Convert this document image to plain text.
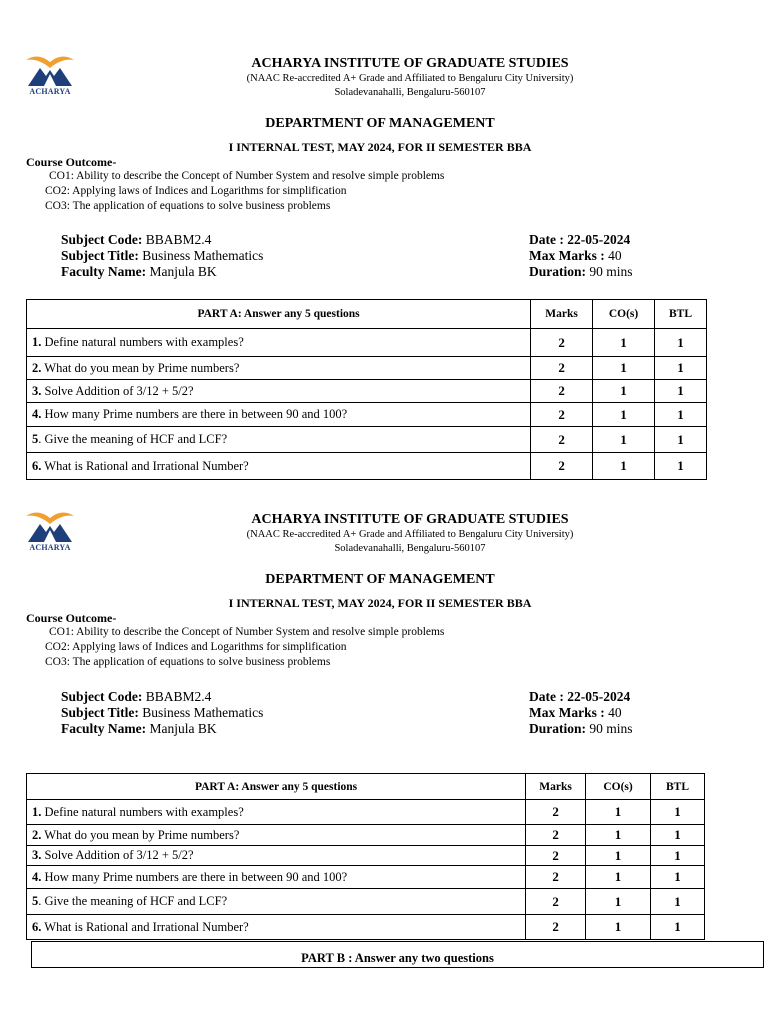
ACHARYA
ACHARYA INSTITUTE OF GRADUATE STUDIES
(NAAC Re-accredited A+ Grade and Affiliated to Bengaluru City University)
Soladevanahalli, Bengaluru-560107
DEPARTMENT OF MANAGEMENT
I INTERNAL TEST, MAY 2024, FOR II SEMESTER BBA
Course Outcome-
CO1: Ability to describe the Concept of Number System and resolve simple problems
CO2: Applying laws of Indices and Logarithms for simplification
CO3: The application of equations to solve business problems
Subject Code: BBABM2.4
Subject Title: Business Mathematics
Faculty Name: Manjula BK
Date : 22-05-2024
Max Marks : 40
Duration: 90 mins
PART A: Answer any 5 questions	Marks	CO(s)	BTL
1. Define natural numbers with examples?	2	1	1
2. What do you mean by Prime numbers?	2	1	1
3. Solve Addition of 3/12 + 5/2?	2	1	1
4. How many Prime numbers are there in between 90 and 100?	2	1	1
5. Give the meaning of HCF and LCF?	2	1	1
6. What is Rational and Irrational Number?	2	1	1
ACHARYA
ACHARYA INSTITUTE OF GRADUATE STUDIES
(NAAC Re-accredited A+ Grade and Affiliated to Bengaluru City University)
Soladevanahalli, Bengaluru-560107
DEPARTMENT OF MANAGEMENT
I INTERNAL TEST, MAY 2024, FOR II SEMESTER BBA
Course Outcome-
CO1: Ability to describe the Concept of Number System and resolve simple problems
CO2: Applying laws of Indices and Logarithms for simplification
CO3: The application of equations to solve business problems
Subject Code: BBABM2.4
Subject Title: Business Mathematics
Faculty Name: Manjula BK
Date : 22-05-2024
Max Marks : 40
Duration: 90 mins
PART A: Answer any 5 questions	Marks	CO(s)	BTL
1. Define natural numbers with examples?	2	1	1
2. What do you mean by Prime numbers?	2	1	1
3. Solve Addition of 3/12 + 5/2?	2	1	1
4. How many Prime numbers are there in between 90 and 100?	2	1	1
5. Give the meaning of HCF and LCF?	2	1	1
6. What is Rational and Irrational Number?	2	1	1
PART B : Answer any two questions
